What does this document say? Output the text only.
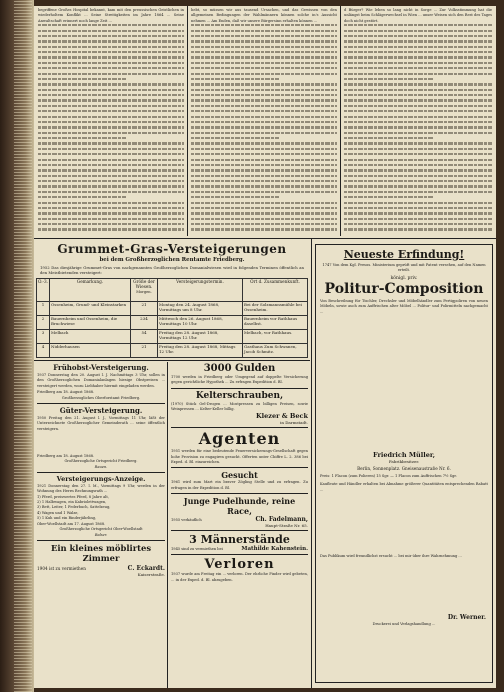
begriffene Großes Hospital bekannt, kam mit den preussischen Geistlichen in wiederholtem Konflikt ... Seine Streitigkeiten im Jahre 1864 ... Seine Anwaltschaft erinnert noch lange Zeit ...
hebt, so müssen wir aus tausend Ursachen, und das Gewissen von den allgemeinen Bedingungen der Wahlmännern können solche in's Aussicht nehmen ... Am Enden, daß wir unsere Bürgersinn erhalten können ...
d Bürger? Wie leben so lang nicht in Sorge ... Zur Volksstimmung hat die unlängst beim Schlägerwechsel in Wien ... unser Weisen sich den Rest des Tages doch nicht gestört.
Grummet-Gras-Versteigerungen
bei dem Großherzoglichen Rentamte Friedberg.
1952 Das diesjährige Grummet-Gras von nachgenannten Großherzoglichen Domanialwiesen wird in folgenden Terminen öffentlich an den Meistbietenden versteigert:
O.-3.	Gemarkung.	Größe der Wiesen.
Morgen.	Versteigerungstermin.	Ort d. Zusammenkunft.
1	Ossenheim, Grund- und Kleinstarken	21	Montag den 24. August 1868, Vormittags um 8 Uhr.	Bei der Solzmannsmühle bei Ossenheim.
2	Bauernheim und Ossenheim, die Bruchwiese	234	Mittwoch den 26. August 1868, Vormittags 10 Uhr.	Bauernheim vor Rathhaus daselbst.
3	Melbach	54	Freitag den 28. August 1868, Vormittags 12 Uhr.	Melbach, vor Rathhaus.
4	Nidderhausen	21	Freitag den 28. August 1868, Mittags 12 Uhr.	Gasthaus Zum Schwanen, Jacob Schmitz.
Frühobst-Versteigerung.
1937 Donnerstag den 20. August l. J. Nachmittags 3 Uhr, sollen in den Großherzoglichen Domanialanlagen hiesige Obstpreisen ... versteigert werden, wozu Liebhaber hiermit eingeladen werden.
Friedberg am 18. August 1868.
Großherzogliches Oberforstamt Friedberg.
Güter-Versteigerung.
1950 Freitag den 21. August l. J., Vormittags 11 Uhr, läßt der Unterzeichnete Großherzoglicher Gemeinderath ... seine öffentlich versteigern.
Friedberg am 18. August 1868.
Großherzogliche Ortsgericht Friedberg.
Rauen.
Versteigerungs-Anzeige.
1921 Donnerstag den 27. l. M., Vormittags 9 Uhr, werden in der Wohnung des Herrn Rechnungsrath ...
1) Pferd, preiswertes Pferd, 8 Jahre alt,
2) 1 Halbwagen, ein Kabriolettwagen,
3) Bett, Leiter, 1 Federbuch, Sattelzeug,
4) Wagen und 1 Walze,
5) 1 Kuh und ein Rinderjährling,
Ober-Woellstadt am 17. August 1868.
Großherzogliche Ortsgericht Ober-Woellstadt
Balser.
Ein kleines möblirtes Zimmer
1904 ist zu vermiethen	C. Eckardt.
Kaiserstraße.
3000 Gulden
1700 werden in Friedberg oder Umgegend auf doppelte Versicherung gegen gerichtliche Hypothek ... Zu erfragen Expedition d. Bl.
Kelterschrauben,
(1970) Stück Oel-Drogen ... Mostpressen zu billigen Preisen, sowie Weinpressen ... Kelter-Keller billig.
Klezer & Beck
in Darmstadt.
Agenten
1951 werden für eine bedeutende Feuerversicherungs-Gesellschaft gegen hohe Provision zu engagiren gesucht. Offerten unter Chiffre L. 2. 386 bei Exped. d. Bl. einzureichen.
Gesucht
1961 wird zum Mart ein braver Zögling Stelle und zu erfragen. Zu erfragen in der Expedition d. Bl.
Junge Pudelhunde, reine Race,
1955 verkäuflich	Ch. Fadelmann,
Haupt-Straße Nr. 65.
3 Männerstände
1945 sind zu vermiethen bei	Mathilde Kahenstein.
Verloren
1937 wurde am Freitag ein ... verloren. Der ehrliche Finder wird gebeten, ... in der Exped. d. Bl. abzugeben.
Neueste Erfindung!
1747 Von dem Kgl. Preuss. Ministerium geprüft und mit Patent versehen, auf den Namen erteilt.
königl. priv.
Politur-Composition
Von Beschreibung für Tischler, Drechsler und Möbelhändler zum Fertigpoliren von neuen Möbeln, sowie auch zum Auffrischen alter Möbel ... Politur- und Polirmitteln nachgemacht ...
Friedrich Müller,
Fabrikbesitzer.
Berlin, Sonnenplatz. Gneisenaustraße Nr. 6.
Preis: 1 Flacon (zum Polieren) 15 Sgr. — 1 Flacon zum Auffrischen 7½ Sgr.
Kaufleute und Händler erhalten bei Abnahme größerer Quantitäten entsprechenden Rabatt ...
Das Publikum wird freundlichst ersucht ... bei mir über ihre Wahrnehmung ...
Dr. Werner.
Druckerei und Verlagshandlung ...
